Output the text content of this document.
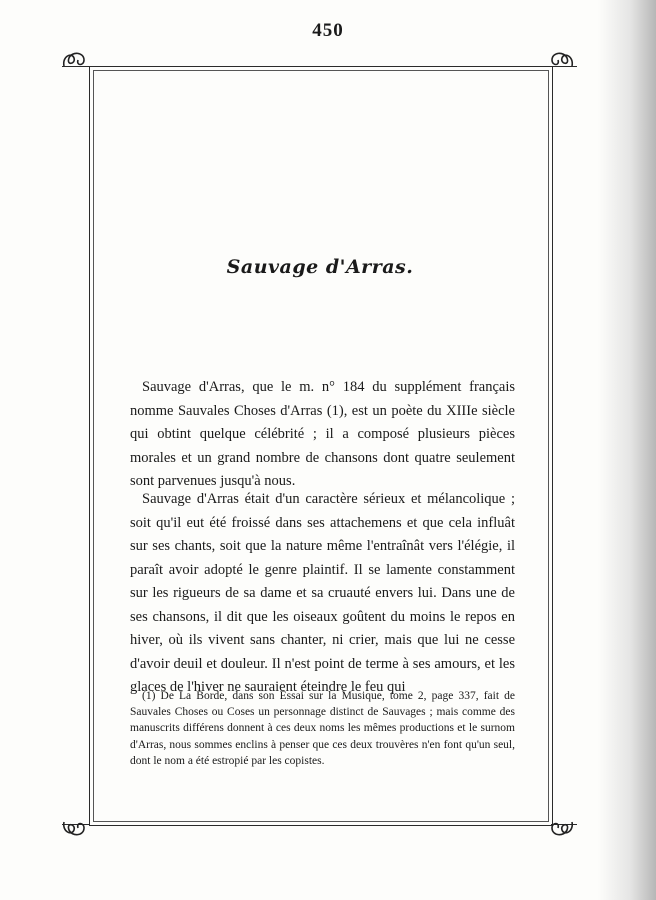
450
Sauvage d'Arras.

Sauvage d'Arras, que le m. n° 184 du supplément français nomme Sauvales Choses d'Arras (1), est un poète du XIIIe siècle qui obtint quelque célébrité ; il a composé plusieurs pièces morales et un grand nombre de chansons dont quatre seulement sont parvenues jusqu'à nous.

Sauvage d'Arras était d'un caractère sérieux et mélancolique ; soit qu'il eut été froissé dans ses attachemens et que cela influât sur ses chants, soit que la nature même l'entraînât vers l'élégie, il paraît avoir adopté le genre plaintif. Il se lamente constamment sur les rigueurs de sa dame et sa cruauté envers lui. Dans une de ses chansons, il dit que les oiseaux goûtent du moins le repos en hiver, où ils vivent sans chanter, ni crier, mais que lui ne cesse d'avoir deuil et douleur. Il n'est point de terme à ses amours, et les glaces de l'hiver ne sauraient éteindre le feu qui

(1) De La Borde, dans son Essai sur la Musique, tome 2, page 337, fait de Sauvales Choses ou Coses un personnage distinct de Sauvages ; mais comme des manuscrits différens donnent à ces deux noms les mêmes productions et le surnom d'Arras, nous sommes enclins à penser que ces deux trouvères n'en font qu'un seul, dont le nom a été estropié par les copistes.
